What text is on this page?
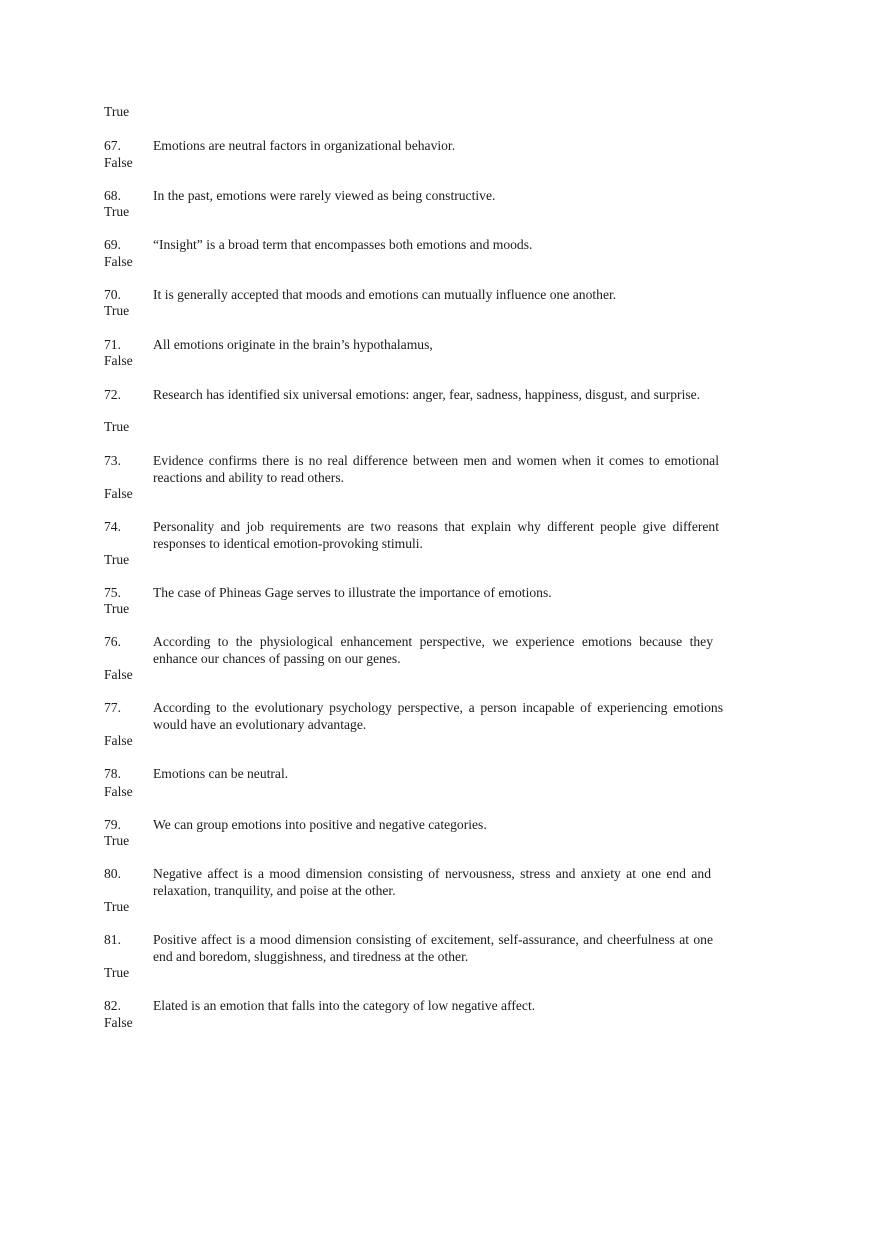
True
67. Emotions are neutral factors in organizational behavior.
False
68. In the past, emotions were rarely viewed as being constructive.
True
69. “Insight” is a broad term that encompasses both emotions and moods.
False
70. It is generally accepted that moods and emotions can mutually influence one another.
True
71. All emotions originate in the brain’s hypothalamus,
False
72. Research has identified six universal emotions: anger, fear, sadness, happiness, disgust, and surprise.
True
73. Evidence confirms there is no real difference between men and women when it comes to emotional reactions and ability to read others.
False
74. Personality and job requirements are two reasons that explain why different people give different responses to identical emotion-provoking stimuli.
True
75. The case of Phineas Gage serves to illustrate the importance of emotions.
True
76. According to the physiological enhancement perspective, we experience emotions because they enhance our chances of passing on our genes.
False
77. According to the evolutionary psychology perspective, a person incapable of experiencing emotions would have an evolutionary advantage.
False
78. Emotions can be neutral.
False
79. We can group emotions into positive and negative categories.
True
80. Negative affect is a mood dimension consisting of nervousness, stress and anxiety at one end and relaxation, tranquility, and poise at the other.
True
81. Positive affect is a mood dimension consisting of excitement, self-assurance, and cheerfulness at one end and boredom, sluggishness, and tiredness at the other.
True
82. Elated is an emotion that falls into the category of low negative affect.
False
